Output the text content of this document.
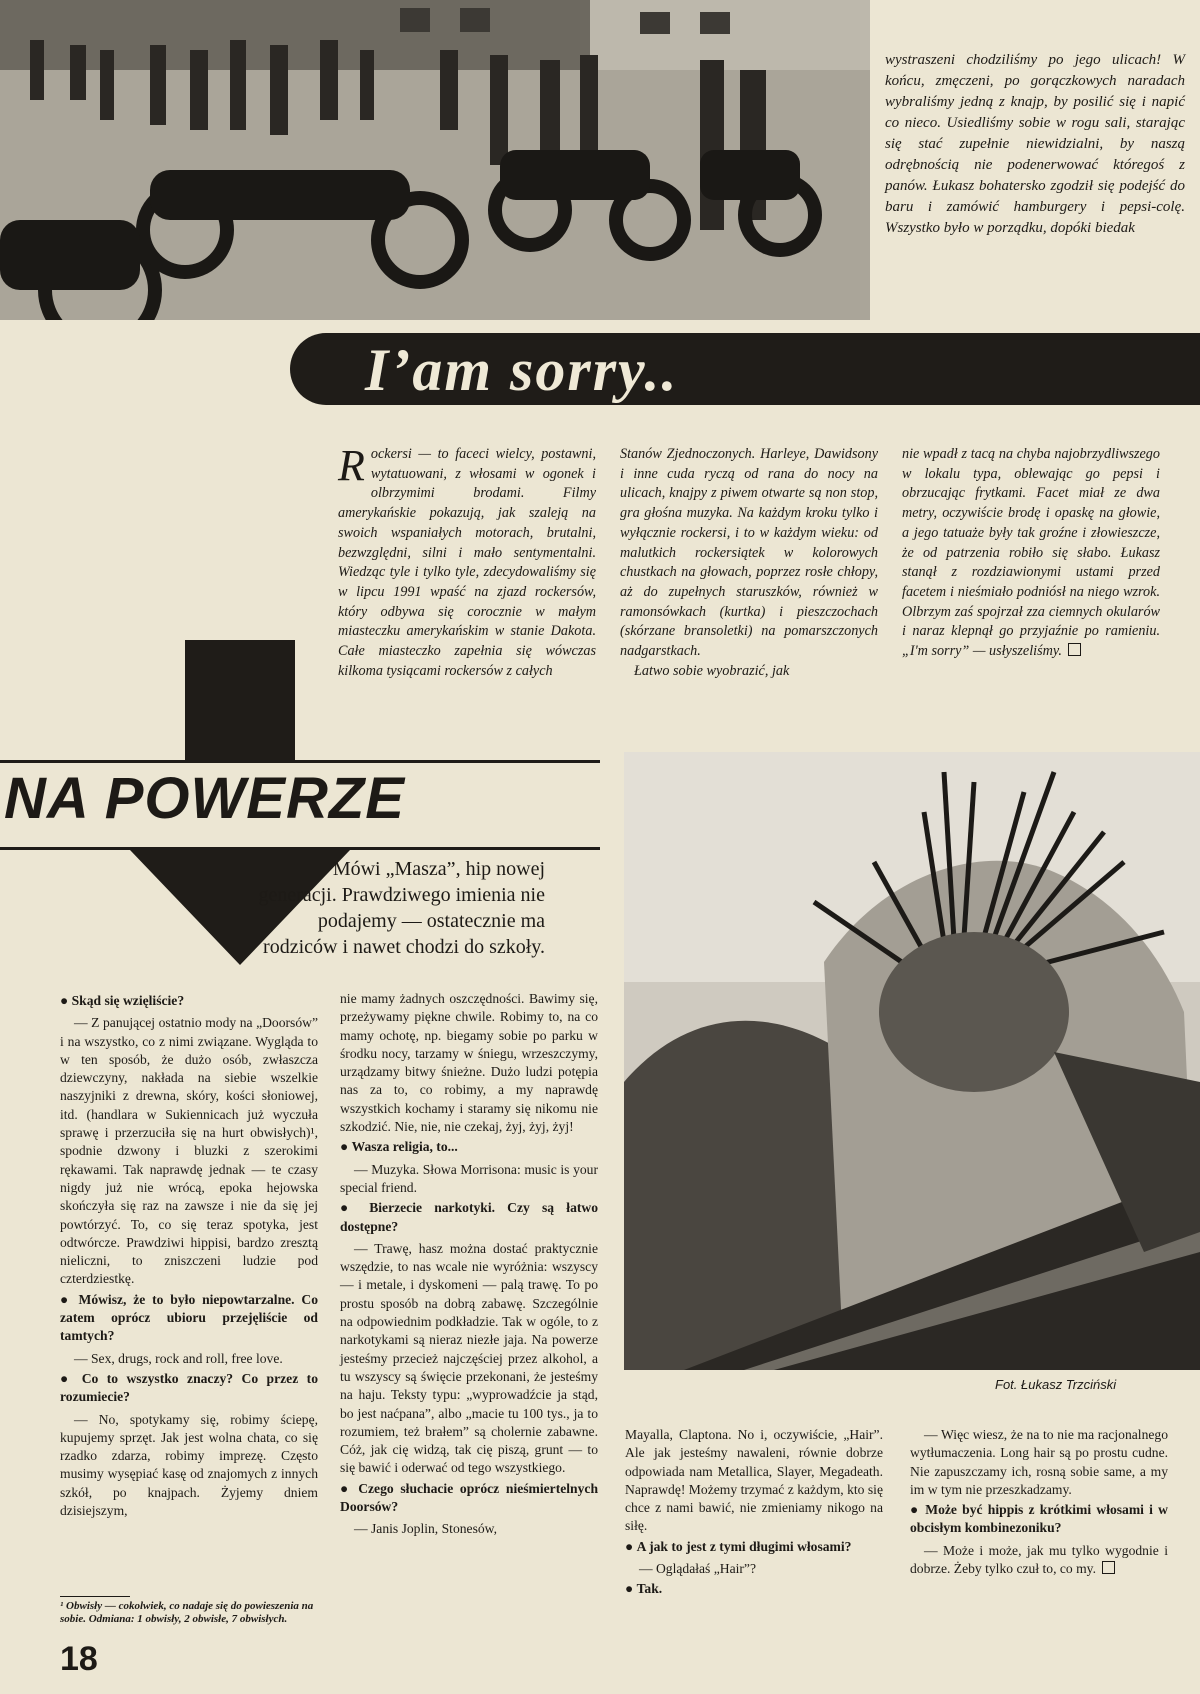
wystraszeni chodziliśmy po jego ulicach! W końcu, zmęczeni, po gorączkowych naradach wybraliśmy jedną z knajp, by posilić się i napić co nieco. Usiedliśmy sobie w rogu sali, starając się stać zupełnie niewidzialni, by naszą odrębnością nie podenerwować któregoś z panów. Łukasz bohatersko zgodził się podejść do baru i zamówić hamburgery i pepsi-colę. Wszystko było w porządku, dopóki biedak

I’am sorry..
R ockersi — to faceci wielcy, postawni, wytatuowani, z włosami w ogonek i olbrzymimi brodami. Filmy amerykańskie pokazują, jak szaleją na swoich wspaniałych motorach, brutalni, bezwzględni, silni i mało sentymentalni. Wiedząc tyle i tylko tyle, zdecydowaliśmy się w lipcu 1991 wpaść na zjazd rockersów, który odbywa się corocznie w małym miasteczku amerykańskim w stanie Dakota. Całe miasteczko zapełnia się wówczas kilkoma tysiącami rockersów z całych

Stanów Zjednoczonych. Harleye, Dawidsony i inne cuda ryczą od rana do nocy na ulicach, knajpy z piwem otwarte są non stop, gra głośna muzyka. Na każdym kroku tylko i wyłącznie rockersi, i to w każdym wieku: od malutkich rockersiątek w kolorowych chustkach na głowach, poprzez rosłe chłopy, aż do zupełnych staruszków, również w ramonsówkach (kurtka) i pieszczochach (skórzane bransoletki) na pomarszczonych nadgarstkach.

Łatwo sobie wyobrazić, jak

nie wpadł z tacą na chyba najobrzydliwszego w lokalu typa, oblewając go pepsi i obrzucając frytkami. Facet miał ze dwa metry, oczywiście brodę i opaskę na głowie, a jego tatuaże były tak groźne i złowieszcze, że od patrzenia robiło się słabo. Łukasz stanął z rozdziawionymi ustami przed facetem i nieśmiało podniósł na niego wzrok. Olbrzym zaś spojrzał zza ciemnych okularów i naraz klepnął go przyjaźnie po ramieniu. „I'm sorry” — usłyszeliśmy.

NA POWERZE
Mówi „Masza”, hip nowej generacji. Prawdziwego imienia nie podajemy — ostatecznie ma rodziców i nawet chodzi do szkoły.
Fot. Łukasz Trzciński

● Skąd się wzięliście?

— Z panującej ostatnio mody na „Doorsów” i na wszystko, co z nimi związane. Wygląda to w ten sposób, że dużo osób, zwłaszcza dziewczyny, nakłada na siebie wszelkie naszyjniki z drewna, skóry, kości słoniowej, itd. (handlara w Sukiennicach już wyczuła sprawę i przerzuciła się na hurt obwisłych)¹, spodnie dzwony i bluzki z szerokimi rękawami. Tak naprawdę jednak — te czasy nigdy już nie wrócą, epoka hejowska skończyła się raz na zawsze i nie da się jej powtórzyć. To, co się teraz spotyka, jest odtwórcze. Prawdziwi hippisi, bardzo zresztą nieliczni, to zniszczeni ludzie pod czterdziestkę.

● Mówisz, że to było niepowtarzalne. Co zatem oprócz ubioru przejęliście od tamtych?

— Sex, drugs, rock and roll, free love.

● Co to wszystko znaczy? Co przez to rozumiecie?

— No, spotykamy się, robimy ściepę, kupujemy sprzęt. Jak jest wolna chata, co się rzadko zdarza, robimy imprezę. Często musimy wysępiać kasę od znajomych z innych szkół, po knajpach. Żyjemy dniem dzisiejszym,

¹ Obwisły — cokolwiek, co nadaje się do powieszenia na sobie. Odmiana: 1 obwisły, 2 obwisłe, 7 obwisłych.

nie mamy żadnych oszczędności. Bawimy się, przeżywamy piękne chwile. Robimy to, na co mamy ochotę, np. biegamy sobie po parku w środku nocy, tarzamy w śniegu, wrzeszczymy, urządzamy bitwy śnieżne. Dużo ludzi potępia nas za to, co robimy, a my naprawdę wszystkich kochamy i staramy się nikomu nie szkodzić. Nie, nie, nie czekaj, żyj, żyj, żyj!

● Wasza religia, to...

— Muzyka. Słowa Morrisona: music is your special friend.

● Bierzecie narkotyki. Czy są łatwo dostępne?

— Trawę, hasz można dostać praktycznie wszędzie, to nas wcale nie wyróżnia: wszyscy — i metale, i dyskomeni — palą trawę. To po prostu sposób na dobrą zabawę. Szczególnie na odpowiednim podkładzie. Tak w ogóle, to z narkotykami są nieraz niezłe jaja. Na powerze jesteśmy przecież najczęściej przez alkohol, a tu wszyscy są święcie przekonani, że jesteśmy na haju. Teksty typu: „wyprowadźcie ja stąd, bo jest naćpana”, albo „macie tu 100 tys., ja to rozumiem, też brałem” są cholernie zabawne. Cóż, jak cię widzą, tak cię piszą, grunt — to się bawić i oderwać od tego wszystkiego.

● Czego słuchacie oprócz nieśmiertelnych Doorsów?

— Janis Joplin, Stonesów,

Mayalla, Claptona. No i, oczywiście, „Hair”. Ale jak jesteśmy nawaleni, równie dobrze odpowiada nam Metallica, Slayer, Megadeath. Naprawdę! Możemy trzymać z każdym, kto się chce z nami bawić, nie zmieniamy nikogo na siłę.

● A jak to jest z tymi długimi włosami?

— Oglądałaś „Hair”?

● Tak.

— Więc wiesz, że na to nie ma racjonalnego wytłumaczenia. Long hair są po prostu cudne. Nie zapuszczamy ich, rosną sobie same, a my im w tym nie przeszkadzamy.

● Może być hippis z krótkimi włosami i w obcisłym kombinezoniku?

— Może i może, jak mu tylko wygodnie i dobrze. Żeby tylko czuł to, co my.

18
